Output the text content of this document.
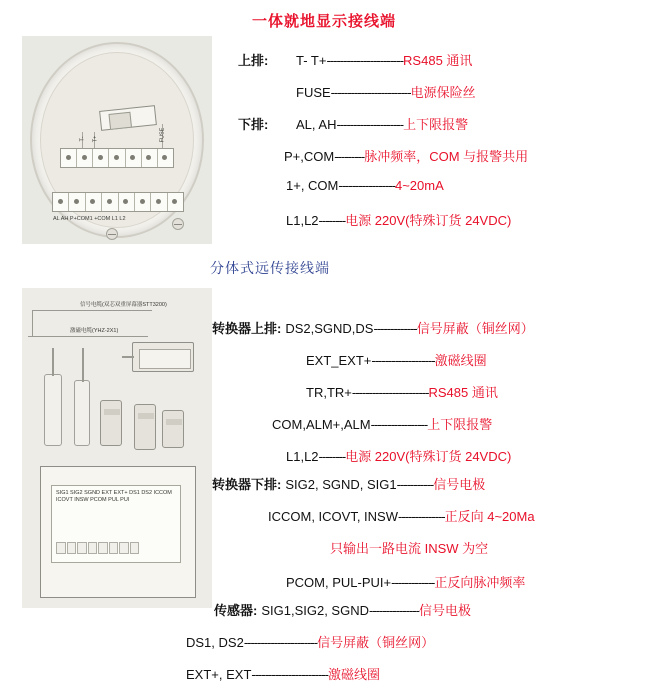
一体就地显示接线端
分体式远传接线端
T- T+	FUSE
AL AH P+COM1 +COM L1 L2
信号电缆(双芯双重屏幕器STT3200)
激磁电缆(YHZ-2X1)
SIG1 SIG2 SGND EXT EXT+ DS1 DS2 ICCOM ICOVT INSW PCOM PUL PUI
上排:	T- T+ ----------------------- RS485 通讯
FUSE ------------------------ 电源保险丝
下排:	AL, AH -------------------- 上下限报警
P+,COM --------- 脉冲频率，COM 与报警共用
1+, COM ----------------- 4~20mA
L1,L2 -------- 电源 220V(特殊订货 24VDC)
转换器上排: DS2,SGND,DS ------------- 信号屏蔽（铜丝网）
EXT_EXT+ ------------------- 激磁线圈
TR,TR+ ----------------------- RS485 通讯
COM,ALM+,ALM ----------------- 上下限报警
L1,L2 -------- 电源 220V(特殊订货 24VDC)
转换器下排: SIG2, SGND, SIG1 ----------- 信号电极
ICCOM, ICOVT, INSW -------------- 正反向 4~20Ma
只输出一路电流 INSW 为空
PCOM, PUL-PUI+ ------------- 正反向脉冲频率
传感器: SIG1,SIG2, SGND --------------- 信号电极
DS1, DS2 ---------------------- 信号屏蔽（铜丝网）
EXT+, EXT ----------------------- 激磁线圈
